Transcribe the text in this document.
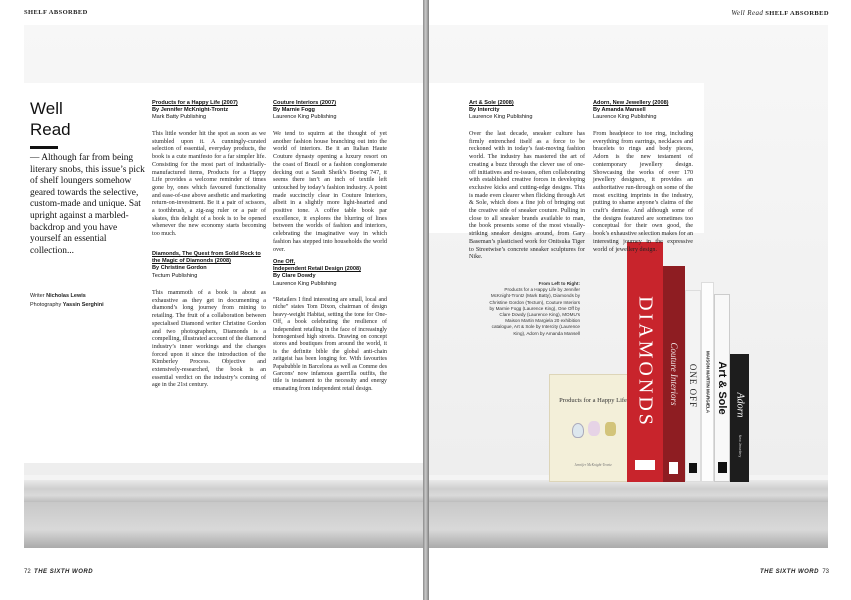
SHELF ABSORBED
Well
Read
— Although far from being literary snobs, this issue’s pick of shelf loungers somehow geared towards the selective, custom-made and unique. Sat upright against a marbled-backdrop and you have yourself an essential collection...
Writer Nicholas Lewis
Photography Yassin Serghini
Products for a Happy Life (2007)
By Jennifer McKnight-Trontz
Mark Batty Publishing
This little wonder hit the spot as soon as we stumbled upon it. A cunningly-curated selection of essential, everyday products, the book is a cute manifesto for a far simpler life. Consisting for the most part of industrially-manufactured items, Products for a Happy Life provides a welcome reminder of times gone by, ones which favoured functionality and ease-of-use above aesthetic and marketing return-on-investment. Be it a pair of scissors, a toothbrush, a zig-zag ruler or a pair of skates, this delight of a book is to be opened whenever the new economy starts becoming too much.
Diamonds, The Quest from Solid Rock to the Magic of Diamonds (2008)
By Christine Gordon
Tectum Publishing
This mammoth of a book is about as exhaustive as they get in documenting a diamond’s long journey from mining to retailing. The fruit of a collaboration between specialised Diamond writer Christine Gordon and two photographers, Diamonds is a compelling, illustrated account of the diamond industry’s inner workings and the changes forced upon it since the introduction of the Kimberley Process. Objective and extensively-researched, the book is an essential verdict on the industry’s coming of age in the 21st century.
Couture Interiors (2007)
By Marnie Fogg
Laurence King Publishing
We tend to squirm at the thought of yet another fashion house branching out into the world of interiors. Be it an Italian Haute Couture dynasty opening a luxury resort on the coast of Brazil or a fashion conglomerate decking out a Saudi Sheik’s Boeing 747, it seems there isn’t an inch of textile left untouched by today’s fashion industry. A point made succinctly clear in Couture Interiors, albeit in a slightly more light-hearted and positive tone. A coffee table book par excellence, it explores the blurring of lines between the worlds of fashion and interiors, celebrating the imaginative way in which fashion has stepped into households the world over.
One Off,
Independent Retail Design (2008)
By Clare Dowdy
Laurence King Publishing
“Retailers I find interesting are small, local and niche” states Tom Dixon, chairman of design heavy-weight Habitat, setting the tone for One-Off, a book celebrating the resilience of independent retailing in the face of increasingly homogenised high streets. Drawing on concept stores and boutiques from around the world, it is the definite bible the global anti-chain zeitgeist has been longing for. With favourites Papabubble in Barcelona as well as Comme des Garcons’ now infamous guerrilla outfits, the title is testament to the necessity and energy emanating from independent retail design.
72 THE SIXTH WORD
Well Read SHELF ABSORBED
Products for a Happy Life
Jennifer McKnight-Trontz
DIAMONDS Couture Interiors ONE OFF MAISON MARTIN MARGIELA Art & Sole Adorn
New Jewellery
Art & Sole (2008)
By Intercity
Laurence King Publishing
Over the last decade, sneaker culture has firmly entrenched itself as a force to be reckoned with in today’s fast-moving fashion world. The industry has mastered the art of creating a buzz through the clever use of one-off initiatives and re-issues, often collaborating with established creative forces in developing exclusive kicks and cutting-edge designs. This is made even clearer when flicking through Art & Sole, which does a fine job of bringing out the creative side of sneaker couture. Pulling in close to all sneaker brands available to man, the book presents some of the most visually-striking sneaker designs around, from Gary Baseman’s plasticised work for Onitsuka Tiger to Streetwise’s concrete sneaker sculptures for Nike.
Adorn, New Jewellery (2008)
By Amanda Mansell
Laurence King Publishing
From headpiece to toe ring, including everything from earrings, necklaces and bracelets to rings and body pieces, Adorn is the new testament of contemporary jewellery design. Showcasing the works of over 170 jewellery designers, it provides an authoritative run-through on some of the most exciting imprints in the industry, putting to shame anyone’s claims of the craft’s demise. And although some of the designs featured are sometimes too conceptual for their own good, the book’s exhaustive selection makes for an interesting journey in the expressive world of jewellery design.
From Left to Right:
Products for a Happy Life by Jennifer McKnight-Trontz (Mark Batty), Diamonds by Christine Gordon (Tectum), Couture Interiors by Marnie Fogg (Laurence King), One Off by Clare Dowdy (Laurence King), MOMU’s Maison Martin Margiela 20 exhibition catalogue, Art & Sole by Intercity (Laurence King), Adorn by Amanda Mansell
THE SIXTH WORD 73
